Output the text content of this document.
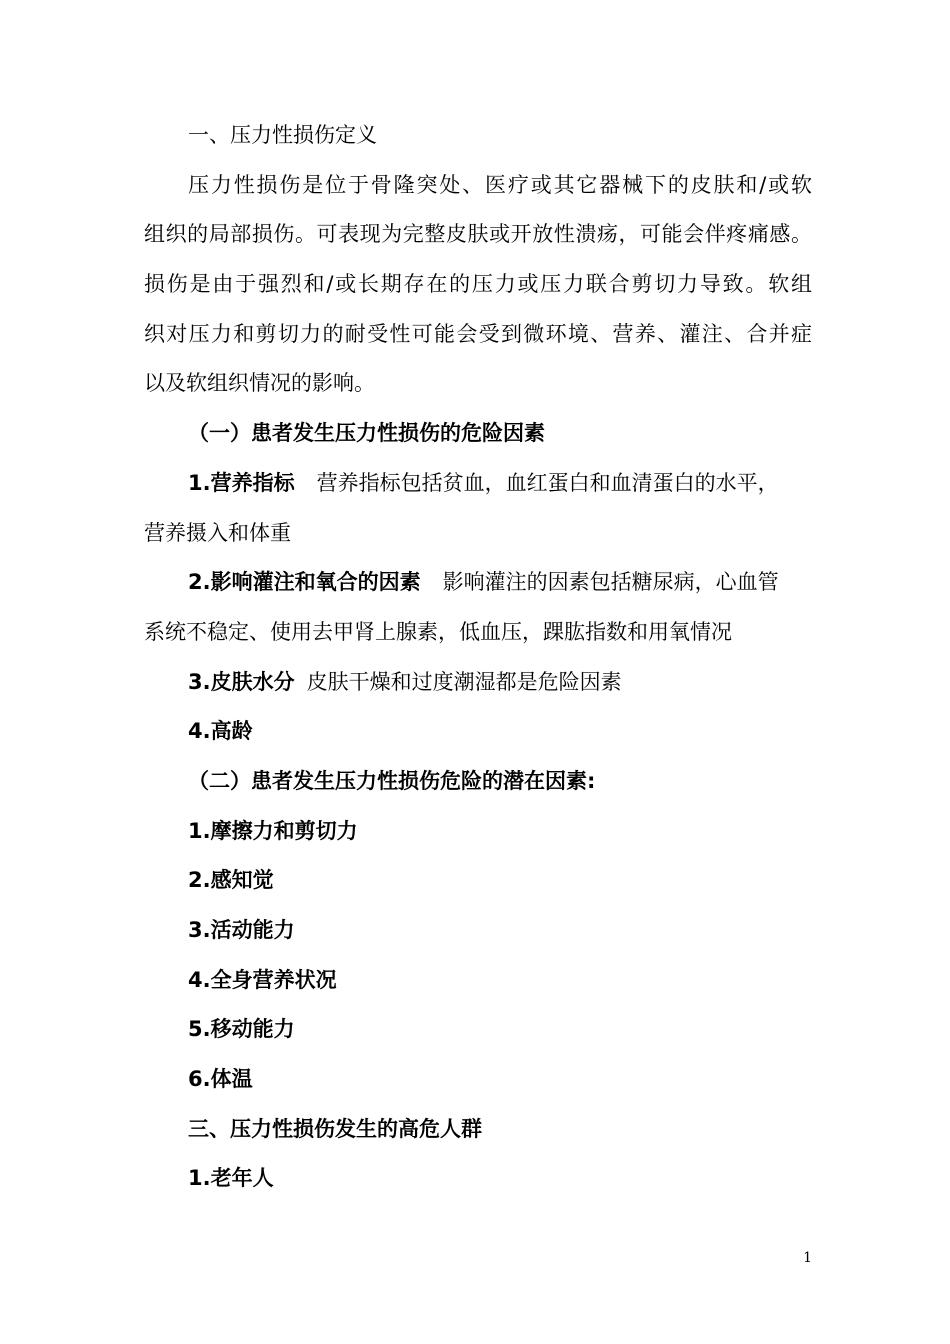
一、压力性损伤定义
压力性损伤是位于骨隆突处、医疗或其它器械下的皮肤和/或软
组织的局部损伤。可表现为完整皮肤或开放性溃疡，可能会伴疼痛感。
损伤是由于强烈和/或长期存在的压力或压力联合剪切力导致。软组
织对压力和剪切力的耐受性可能会受到微环境、营养、灌注、合并症
以及软组织情况的影响。
（一）患者发生压力性损伤的危险因素
1.营养指标 营养指标包括贫血，血红蛋白和血清蛋白的水平，
营养摄入和体重
2.影响灌注和氧合的因素 影响灌注的因素包括糖尿病，心血管
系统不稳定、使用去甲肾上腺素，低血压，踝肱指数和用氧情况
3.皮肤水分 皮肤干燥和过度潮湿都是危险因素
4.高龄
（二）患者发生压力性损伤危险的潜在因素:
1.摩擦力和剪切力
2.感知觉
3.活动能力
4.全身营养状况
5.移动能力
6.体温
三、压力性损伤发生的高危人群
1.老年人
1
